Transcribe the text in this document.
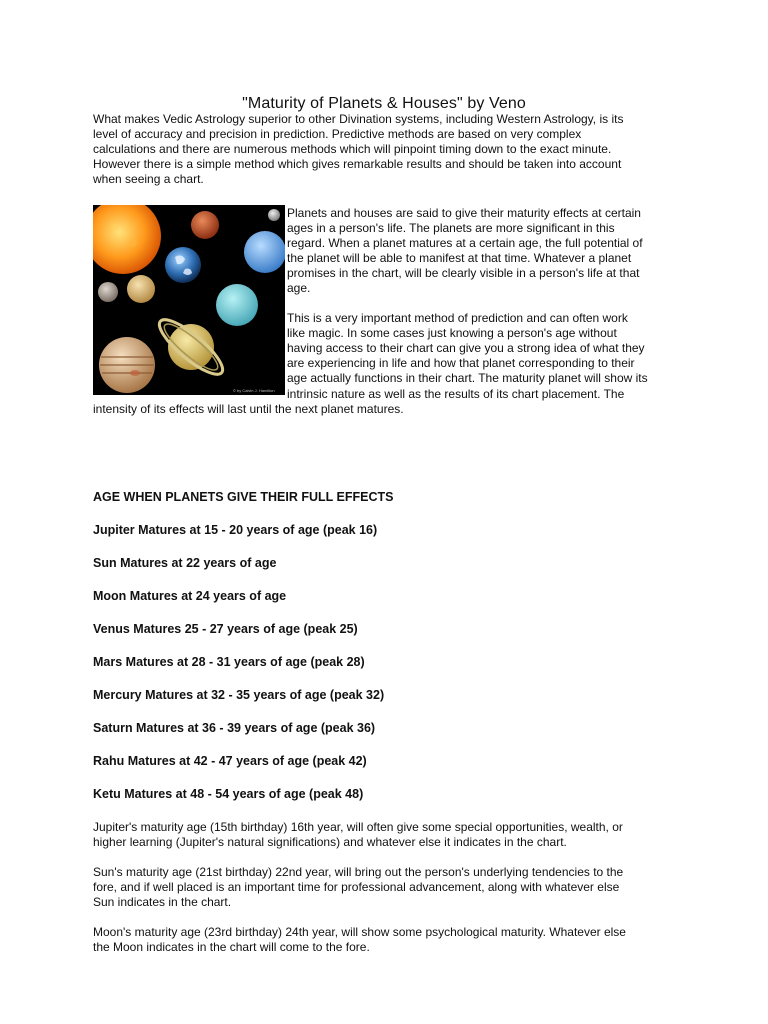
"Maturity of Planets & Houses" by Veno

What makes Vedic Astrology superior to other Divination systems, including Western Astrology, is its

level of accuracy and precision in prediction. Predictive methods are based on very complex

calculations and there are numerous methods which will pinpoint timing down to the exact minute.

However there is a simple method which gives remarkable results and should be taken into account

when seeing a chart.

© by Calvin J. Hamilton

Planets and houses are said to give their maturity effects at certain
ages in a person's life. The planets are more significant in this
regard. When a planet matures at a certain age, the full potential of
the planet will be able to manifest at that time. Whatever a planet
promises in the chart, will be clearly visible in a person's life at that
age.

This is a very important method of prediction and can often work
like magic. In some cases just knowing a person's age without
having access to their chart can give you a strong idea of what they
are experiencing in life and how that planet corresponding to their
age actually functions in their chart. The maturity planet will show its

intrinsic nature as well as the results of its chart placement. The

intensity of its effects will last until the next planet matures.

AGE WHEN PLANETS GIVE THEIR FULL EFFECTS
Jupiter Matures at 15 - 20 years of age (peak 16)
Sun Matures at 22 years of age
Moon Matures at 24 years of age
Venus Matures 25 - 27 years of age (peak 25)
Mars Matures at 28 - 31 years of age (peak 28)
Mercury Matures at 32 - 35 years of age (peak 32)
Saturn Matures at 36 - 39 years of age (peak 36)
Rahu Matures at 42 - 47 years of age (peak 42)
Ketu Matures at 48 - 54 years of age (peak 48)

Jupiter's maturity age (15th birthday) 16th year, will often give some special opportunities, wealth, or
higher learning (Jupiter's natural significations) and whatever else it indicates in the chart.

Sun's maturity age (21st birthday) 22nd year, will bring out the person's underlying tendencies to the
fore, and if well placed is an important time for professional advancement, along with whatever else
Sun indicates in the chart.

Moon's maturity age (23rd birthday) 24th year, will show some psychological maturity. Whatever else
the Moon indicates in the chart will come to the fore.
